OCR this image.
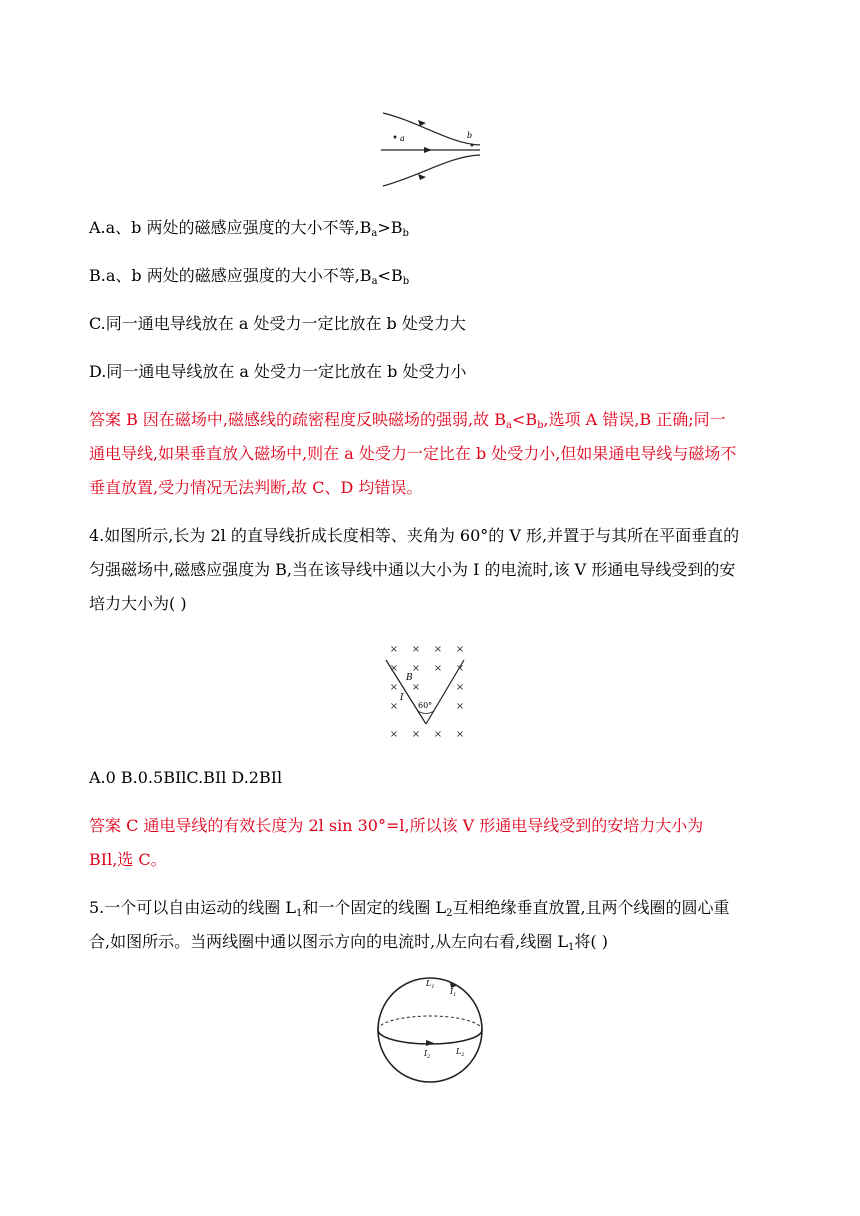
a	b
A.a、b 两处的磁感应强度的大小不等$,B_a>B_b$
B.a、b 两处的磁感应强度的大小不等$,B_a<B_b$
C.同一通电导线放在 a 处受力一定比放在 b 处受力大
D.同一通电导线放在 a 处受力一定比放在 b 处受力小
答案 B 因在磁场中,磁感线的疏密程度反映磁场的强弱,故 $B_a<B_b$,选项 A 错误,B 正确;同一
通电导线,如果垂直放入磁场中,则在 a 处受力一定比在 b 处受力小,但如果通电导线与磁场不
垂直放置,受力情况无法判断,故 C、D 均错误。
4.如图所示,长为 2l 的直导线折成长度相等、夹角为 60°的 V 形,并置于与其所在平面垂直的
匀强磁场中,磁感应强度为 B,当在该导线中通以大小为 I 的电流时,该 V 形通电导线受到的安
培力大小为( )
B
I
60°
× × × ×
× × × ×
× ×	×
×	×
× × × ×
A.0 B.0.5BIlC.BIl D.2BIl
答案 C 通电导线的有效长度为 2l sin 30°=l,所以该 V 形通电导线受到的安培力大小为
BIl,选 C。
5.一个可以自由运动的线圈 $L_1$和一个固定的线圈 $L_2$互相绝缘垂直放置,且两个线圈的圆心重
合,如图所示。当两线圈中通以图示方向的电流时,从左向右看,线圈 $L_1$将( )
$L_1$ $I_1$
$I_2$
$L_2$
